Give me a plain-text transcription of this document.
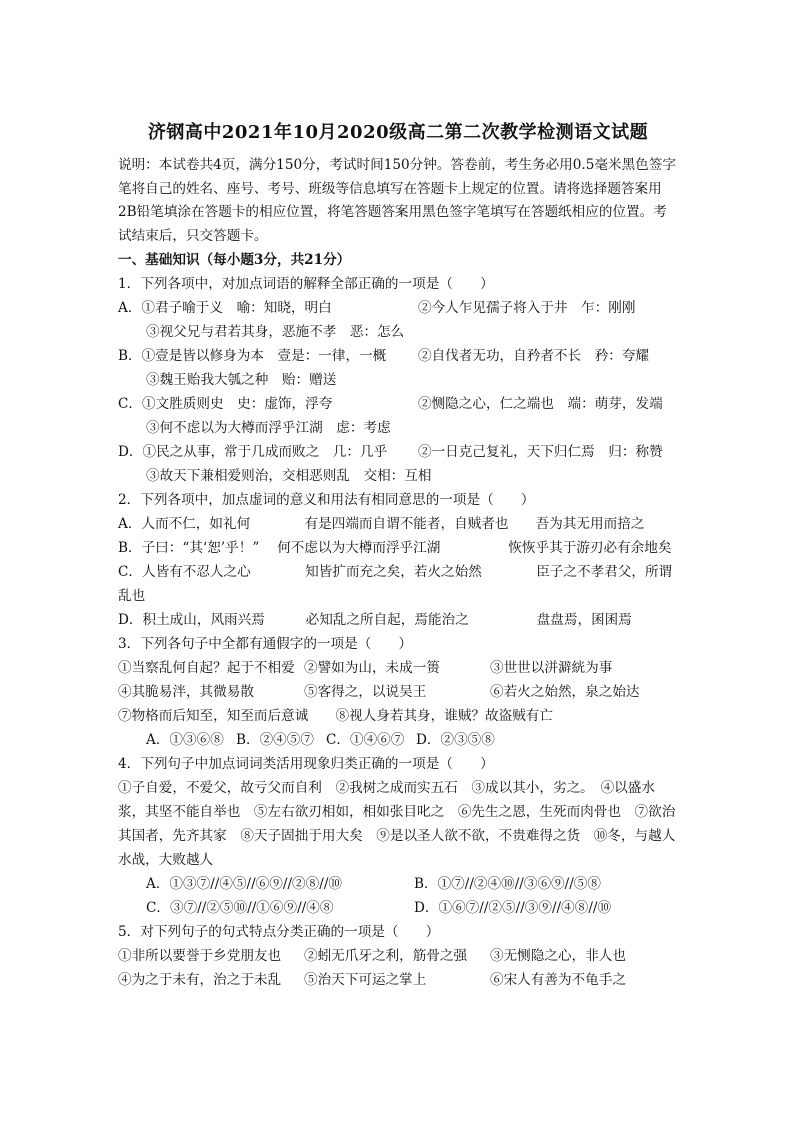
济钢高中2021年10月2020级高二第二次教学检测语文试题

说明：本试卷共4页，满分150分，考试时间150分钟。答卷前，考生务必用0.5毫米黑色签字笔将自己的姓名、座号、考号、班级等信息填写在答题卡上规定的位置。请将选择题答案用2B铅笔填涂在答题卡的相应位置，将笔答题答案用黑色签字笔填写在答题纸相应的位置。考试结束后，只交答题卡。

一、基础知识（每小题3分，共21分）

1．下列各项中，对加点词语的解释全部正确的一项是（　　）
A．①君子喻于义　喻：知晓，明白	②今人乍见孺子将入于井　乍：刚刚
③视父兄与君若其身，恶施不孝　恶：怎么
B．①壹是皆以修身为本　壹是：一律，一概	②自伐者无功，自矜者不长　矜：夸耀
③魏王贻我大瓠之种　贻：赠送
C．①文胜质则史　史：虚饰，浮夸	②恻隐之心，仁之端也　端：萌芽，发端
③何不虑以为大樽而浮乎江湖　虑：考虑
D．①民之从事，常于几成而败之　几：几乎	②一日克己复礼，天下归仁焉　归：称赞
③故天下兼相爱则治，交相恶则乱　交相：互相
2．下列各项中，加点虚词的意义和用法有相同意思的一项是（　　）
A．人而不仁，如礼何　　　　有是四端而自谓不能者，自贼者也　　吾为其无用而掊之
B．子曰：“其‘恕’乎！”　 何不虑以为大樽而浮乎江湖　　　　　恢恢乎其于游刃必有余地矣
C．人皆有不忍人之心　　　　知皆扩而充之矣，若火之始然　　　　臣子之不孝君父，所谓乱也
D．积土成山，风雨兴焉　　　必知乱之所自起，焉能治之　　　　　盘盘焉，囷囷焉
3．下列各句子中全都有通假字的一项是（　　）
①当察乱何自起？起于不相爱 ②譬如为山，未成一篑	③世世以洴澼絖为事
④其脆易泮，其微易散	⑤客得之，以说吴王	⑥若火之始然，泉之始达
⑦物格而后知至，知至而后意诚　　⑧视人身若其身，谁贼？故盗贼有亡
A．①③⑥⑧ B．②④⑤⑦ C．①④⑥⑦ D．②③⑤⑧
4．下列句子中加点词词类活用现象归类正确的一项是（　　）
①子自爱，不爱父，故亏父而自利　②我树之成而实五石　③成以其小，劣之。　④以盛水浆，其坚不能自举也　⑤左右欲刃相如，相如张目叱之　⑥先生之恩，生死而肉骨也　⑦欲治其国者，先齐其家　⑧天子固拙于用大矣　⑨是以圣人欲不欲，不贵难得之货　⑩冬，与越人水战，大败越人
A．①③⑦//④⑤//⑥⑨//②⑧//⑩	B．①⑦//②④⑩//③⑥⑨//⑤⑧
C．③⑦//②⑤⑩//①⑥⑨//④⑧	D．①⑥⑦//②⑤//③⑨//④⑧//⑩
5．对下列句子的句式特点分类正确的一项是（　　）
①非所以要誉于乡党朋友也	②蚓无爪牙之利，筋骨之强	③无恻隐之心，非人也
④为之于未有，治之于未乱	⑤治天下可运之掌上	⑥宋人有善为不龟手之
